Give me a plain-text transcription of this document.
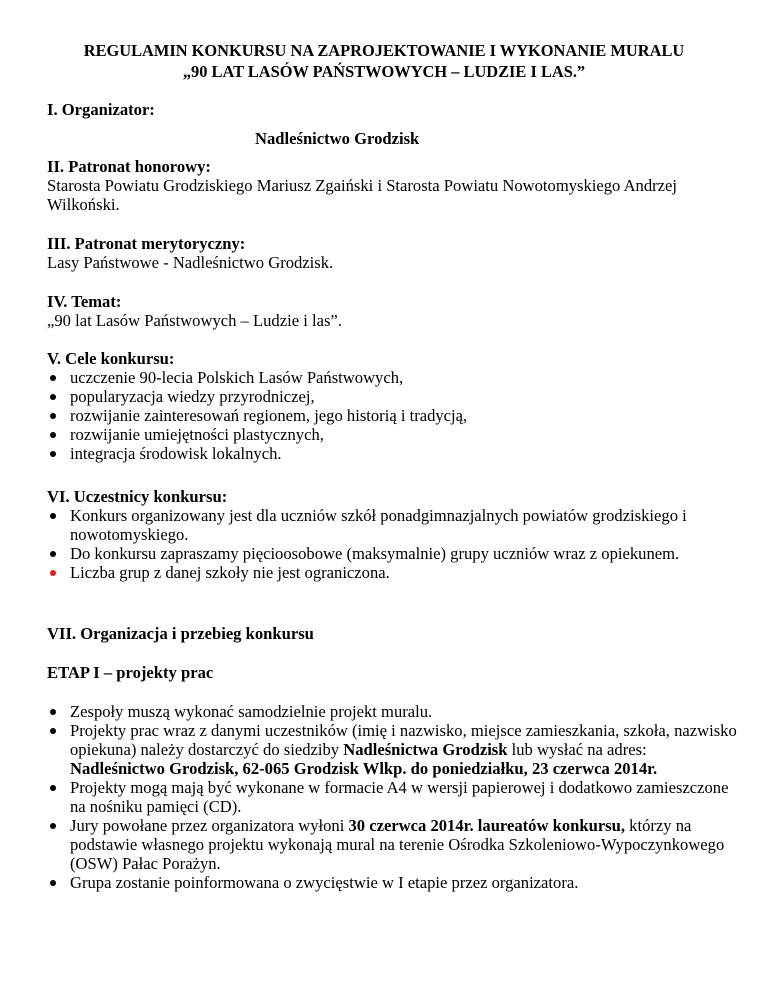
REGULAMIN KONKURSU NA ZAPROJEKTOWANIE I WYKONANIE MURALU
„90 LAT LASÓW PAŃSTWOWYCH – LUDZIE I LAS.”
I. Organizator:
Nadleśnictwo Grodzisk
II. Patronat honorowy:
Starosta Powiatu Grodziskiego Mariusz Zgaiński i Starosta Powiatu Nowotomyskiego Andrzej Wilkoński.
III. Patronat merytoryczny:
Lasy Państwowe - Nadleśnictwo Grodzisk.
IV. Temat:
„90 lat Lasów Państwowych – Ludzie i las”.
V. Cele konkursu:
uczczenie 90-lecia Polskich Lasów Państwowych,
popularyzacja wiedzy przyrodniczej,
rozwijanie zainteresowań regionem, jego historią i tradycją,
rozwijanie umiejętności plastycznych,
integracja środowisk lokalnych.
VI. Uczestnicy konkursu:
Konkurs organizowany jest dla uczniów szkół ponadgimnazjalnych powiatów grodziskiego i nowotomyskiego.
Do konkursu zapraszamy pięcioosobowe (maksymalnie) grupy uczniów wraz z opiekunem.
Liczba grup z danej szkoły nie jest ograniczona.
VII. Organizacja i przebieg konkursu
ETAP I – projekty prac
Zespoły muszą wykonać samodzielnie projekt muralu.
Projekty prac wraz z danymi uczestników (imię i nazwisko, miejsce zamieszkania, szkoła, nazwisko opiekuna) należy dostarczyć do siedziby Nadleśnictwa Grodzisk lub wysłać na adres: Nadleśnictwo Grodzisk, 62-065 Grodzisk Wlkp. do poniedziałku, 23 czerwca 2014r.
Projekty mogą mają być wykonane w formacie A4 w wersji papierowej i dodatkowo zamieszczone na nośniku pamięci (CD).
Jury powołane przez organizatora wyłoni 30 czerwca 2014r. laureatów konkursu, którzy na podstawie własnego projektu wykonają mural na terenie Ośrodka Szkoleniowo-Wypoczynkowego (OSW) Pałac Porażyn.
Grupa zostanie poinformowana o zwycięstwie w I etapie przez organizatora.
